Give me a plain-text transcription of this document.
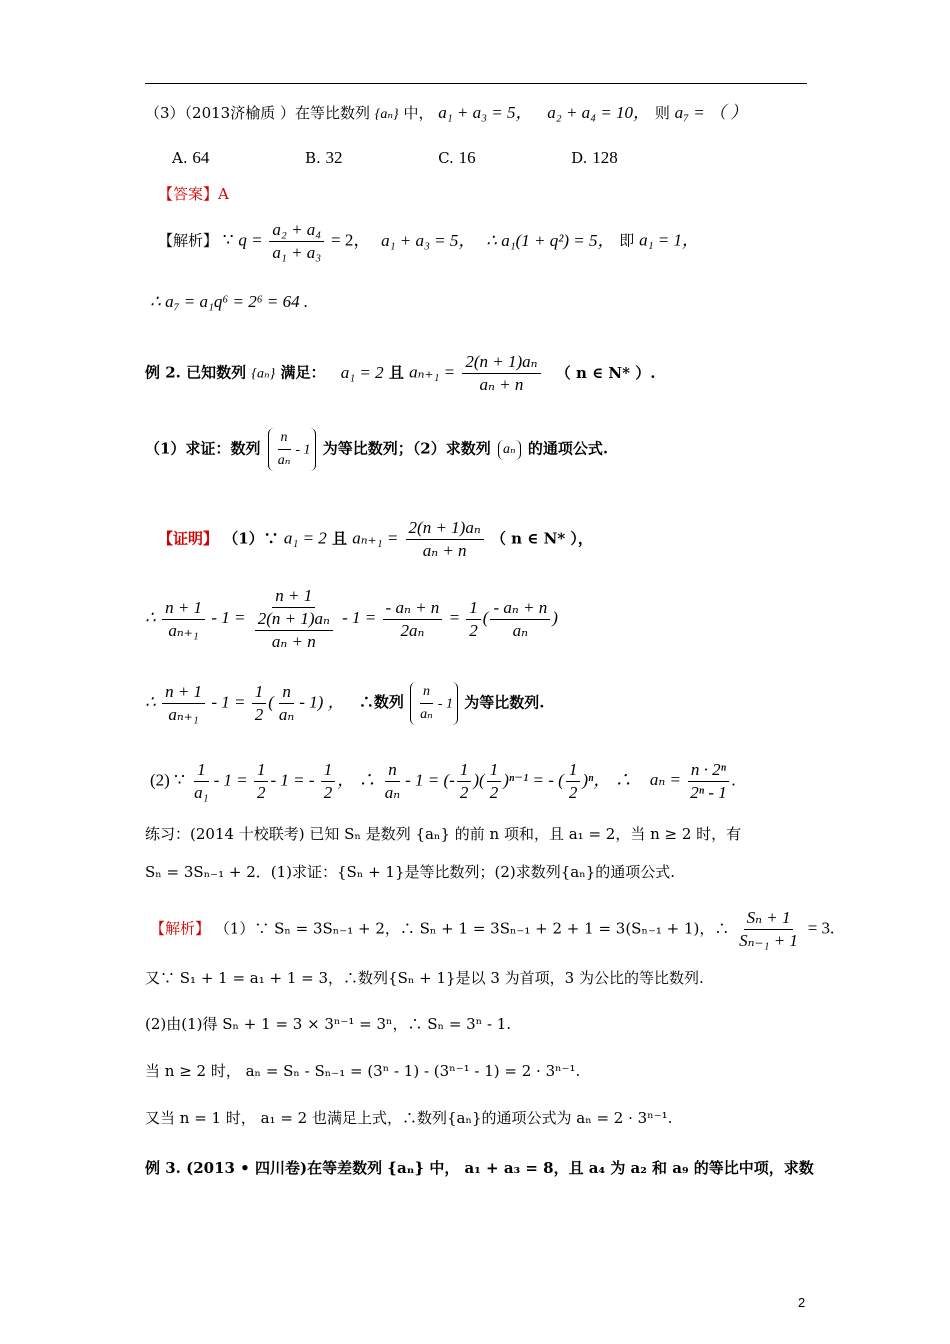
（3）（2013济榆质 ）在等比数列 {aₙ} 中， a₁ + a₃ = 5， a₂ + a₄ = 10， 则 a₇ = （ ）
A. 64	B. 32	C. 16	D. 128
【答案】A
【解析】 ∵ $q = \frac{\text{a₂ + a₄}}{\text{a₁ + a₃}} = 2$， a₁ + a₃ = 5， ∴ a₁(1 + q²) = 5， 即 a₁ = 1，
∴ a₇ = a₁q⁶ = 2⁶ = 64 .
例 2. 已知数列 {aₙ} 满足： a₁ = 2 且 $a_{n+1} = \frac{\text{2(n + 1)aₙ}}{\text{aₙ + n}}$ （ n ∈ N* ）.
（1）求证：数列 $\frac{n}{\text{aₙ}} - 1$ 为等比数列；（2）求数列 aₙ 的通项公式.
【证明】 （1）∵ a₁ = 2 且 $a_{n+1} = \frac{\text{2(n + 1)aₙ}}{\text{aₙ + n}}$ （ n ∈ N* ），
∴ $\frac{n + 1}{\text{aₙ₊₁}} - 1 = \frac{n + 1}{\frac{\text{2(n + 1)aₙ}}{\text{aₙ + n}}} - 1 = \frac{\text{- aₙ + n}}{\text{2aₙ}} = \frac{1}{2}$ ( $\frac{\text{- aₙ + n}}{\text{aₙ}}$ )
∴ $\frac{n + 1}{\text{aₙ₊₁}} - 1 = \frac{1}{2}$ ( $\frac{n}{\text{aₙ}} - 1$) ， ∴数列 $\frac{n}{\text{aₙ}} - 1$ 为等比数列.
(2) ∵ $\frac{1}{\text{a₁}} - 1 = \frac{1}{2} - 1$ = - $\frac{1}{2}$ ， ∴ $\frac{n}{\text{aₙ}} - 1$ = (- $\frac{1}{2}$ )( $\frac{1}{2} )^{n-1}$ = - ( $\frac{1}{2} )^n$， ∴ $a_n = \frac{\text{n · 2ⁿ}}{\text{2ⁿ - 1}}$ .
练习：(2014 十校联考) 已知 Sₙ 是数列 {aₙ} 的前 n 项和，且 a₁ = 2，当 n ≥ 2 时，有
Sₙ = 3Sₙ₋₁ + 2．(1)求证：{Sₙ + 1}是等比数列；(2)求数列{aₙ}的通项公式.
【解析】 （1）∵ Sₙ = 3Sₙ₋₁ + 2，∴ Sₙ + 1 = 3Sₙ₋₁ + 2 + 1 = 3(Sₙ₋₁ + 1)，∴ $\frac{\text{Sₙ + 1}}{\text{Sₙ₋₁ + 1}} = 3$.
又∵ S₁ + 1 = a₁ + 1 = 3，∴数列{Sₙ + 1}是以 3 为首项，3 为公比的等比数列.
(2)由(1)得 Sₙ + 1 = 3 × 3ⁿ⁻¹ = 3ⁿ，∴ Sₙ = 3ⁿ - 1.
当 n ≥ 2 时， aₙ = Sₙ - Sₙ₋₁ = (3ⁿ - 1) - (3ⁿ⁻¹ - 1) = 2 · 3ⁿ⁻¹.
又当 n = 1 时， a₁ = 2 也满足上式，∴数列{aₙ}的通项公式为 aₙ = 2 · 3ⁿ⁻¹.
例 3. (2013 • 四川卷)在等差数列 {aₙ} 中， a₁ + a₃ = 8，且 a₄ 为 a₂ 和 a₉ 的等比中项，求数
2
